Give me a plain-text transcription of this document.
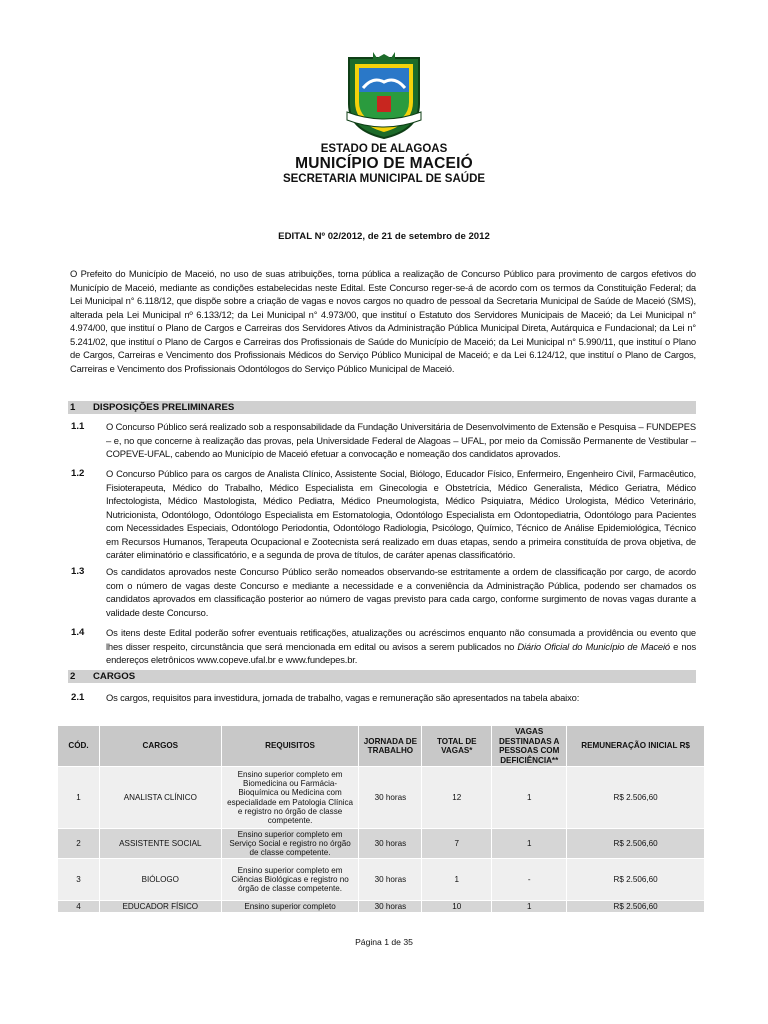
ESTADO DE ALAGOAS
MUNICÍPIO DE MACEIÓ
SECRETARIA MUNICIPAL DE SAÚDE
EDITAL Nº 02/2012, de 21 de setembro de 2012
O Prefeito do Município de Maceió, no uso de suas atribuições, torna pública a realização de Concurso Público para provimento de cargos efetivos do Município de Maceió, mediante as condições estabelecidas neste Edital. Este Concurso reger-se-á de acordo com os termos da Constituição Federal; da Lei Municipal n° 6.118/12, que dispõe sobre a criação de vagas e novos cargos no quadro de pessoal da Secretaria Municipal de Saúde de Maceió (SMS), alterada pela Lei Municipal nº 6.133/12; da Lei Municipal n° 4.973/00, que instituí o Estatuto dos Servidores Municipais de Maceió; da Lei Municipal n° 4.974/00, que instituí o Plano de Cargos e Carreiras dos Servidores Ativos da Administração Pública Municipal Direta, Autárquica e Fundacional; da Lei n° 5.241/02, que instituí o Plano de Cargos e Carreiras dos Profissionais de Saúde do Município de Maceió; da Lei Municipal n° 5.990/11, que instituí o Plano de Cargos, Carreiras e Vencimento dos Profissionais Médicos do Serviço Público Municipal de Maceió; e da Lei 6.124/12, que instituí o Plano de Cargos, Carreiras e Vencimento dos Profissionais Odontólogos do Serviço Público Municipal de Maceió.
1 DISPOSIÇÕES PRELIMINARES
1.1 O Concurso Público será realizado sob a responsabilidade da Fundação Universitária de Desenvolvimento de Extensão e Pesquisa – FUNDEPES – e, no que concerne à realização das provas, pela Universidade Federal de Alagoas – UFAL, por meio da Comissão Permanente de Vestibular – COPEVE-UFAL, cabendo ao Município de Maceió efetuar a convocação e nomeação dos candidatos aprovados.
1.2 O Concurso Público para os cargos de Analista Clínico, Assistente Social, Biólogo, Educador Físico, Enfermeiro, Engenheiro Civil, Farmacêutico, Fisioterapeuta, Médico do Trabalho, Médico Especialista em Ginecologia e Obstetrícia, Médico Generalista, Médico Geriatra, Médico Infectologista, Médico Mastologista, Médico Pediatra, Médico Pneumologista, Médico Psiquiatra, Médico Urologista, Médico Veterinário, Nutricionista, Odontólogo, Odontólogo Especialista em Estomatologia, Odontólogo Especialista em Odontopediatria, Odontólogo para Pacientes com Necessidades Especiais, Odontólogo Periodontia, Odontólogo Radiologia, Psicólogo, Químico, Técnico de Análise Epidemiológica, Técnico em Recursos Humanos, Terapeuta Ocupacional e Zootecnista será realizado em duas etapas, sendo a primeira constituída de prova objetiva, de caráter eliminatório e classificatório, e a segunda de prova de títulos, de caráter apenas classificatório.
1.3 Os candidatos aprovados neste Concurso Público serão nomeados observando-se estritamente a ordem de classificação por cargo, de acordo com o número de vagas deste Concurso e mediante a necessidade e a conveniência da Administração Pública, podendo ser chamados os candidatos aprovados em classificação posterior ao número de vagas previsto para cada cargo, conforme surgimento de novas vagas durante a validade deste Concurso.
1.4 Os itens deste Edital poderão sofrer eventuais retificações, atualizações ou acréscimos enquanto não consumada a providência ou evento que lhes disser respeito, circunstância que será mencionada em edital ou avisos a serem publicados no Diário Oficial do Município de Maceió e nos endereços eletrônicos www.copeve.ufal.br e www.fundepes.br.
2 CARGOS
2.1 Os cargos, requisitos para investidura, jornada de trabalho, vagas e remuneração são apresentados na tabela abaixo:
CÓD.	CARGOS	REQUISITOS	JORNADA DE TRABALHO	TOTAL DE VAGAS*	VAGAS DESTINADAS A PESSOAS COM DEFICIÊNCIA**	REMUNERAÇÃO INICIAL R$
1	ANALISTA CLÍNICO	Ensino superior completo em Biomedicina ou Farmácia-Bioquímica ou Medicina com especialidade em Patologia Clínica e registro no órgão de classe competente.	30 horas	12	1	R$ 2.506,60
2	ASSISTENTE SOCIAL	Ensino superior completo em Serviço Social e registro no órgão de classe competente.	30 horas	7	1	R$ 2.506,60
3	BIÓLOGO	Ensino superior completo em Ciências Biológicas e registro no órgão de classe competente.	30 horas	1	-	R$ 2.506,60
4	EDUCADOR FÍSICO	Ensino superior completo	30 horas	10	1	R$ 2.506,60
Página 1 de 35
